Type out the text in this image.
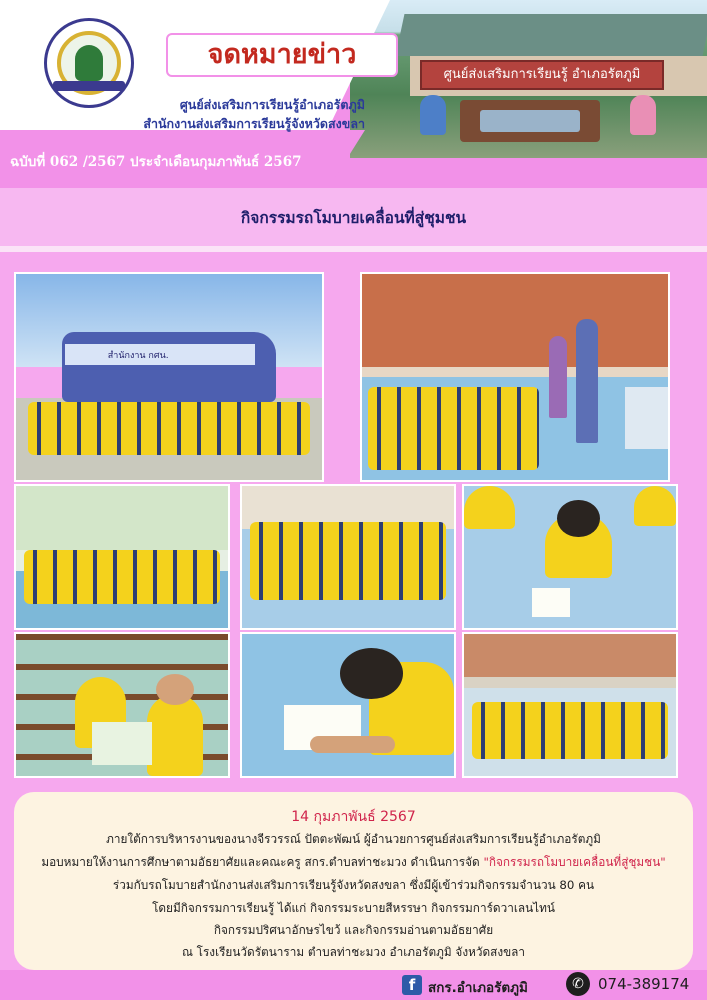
ศูนย์ส่งเสริมการเรียนรู้ อำเภอรัตภูมิ
จดหมายข่าว
ศูนย์ส่งเสริมการเรียนรู้อำเภอรัตภูมิ
สำนักงานส่งเสริมการเรียนรู้จังหวัดสงขลา
ฉบับที่ 062 /2567 ประจำเดือนกุมภาพันธ์ 2567
กิจกรรมรถโมบายเคลื่อนที่สู่ชุมชน
สำนักงาน กศน.
14 กุมภาพันธ์ 2567
ภายใต้การบริหารงานของนางจีรวรรณ์ ปัตตะพัฒน์ ผู้อำนวยการศูนย์ส่งเสริมการเรียนรู้อำเภอรัตภูมิ
มอบหมายให้งานการศึกษาตามอัธยาศัยและคณะครู สกร.ตำบลท่าชะมวง ดำเนินการจัด "กิจกรรมรถโมบายเคลื่อนที่สู่ชุมชน"
ร่วมกับรถโมบายสำนักงานส่งเสริมการเรียนรู้จังหวัดสงขลา ซึ่งมีผู้เข้าร่วมกิจกรรมจำนวน 80 คน
โดยมีกิจกรรมการเรียนรู้ ได้แก่ กิจกรรมระบายสีหรรษา กิจกรรมการ์ดวาเลนไทน์
กิจกรรมปริศนาอักษรไขว้ และกิจกรรมอ่านตามอัธยาศัย
ณ โรงเรียนวัดรัตนาราม ตำบลท่าชะมวง อำเภอรัตภูมิ จังหวัดสงขลา
f สกร.อำเภอรัตภูมิ	✆ 074-389174
